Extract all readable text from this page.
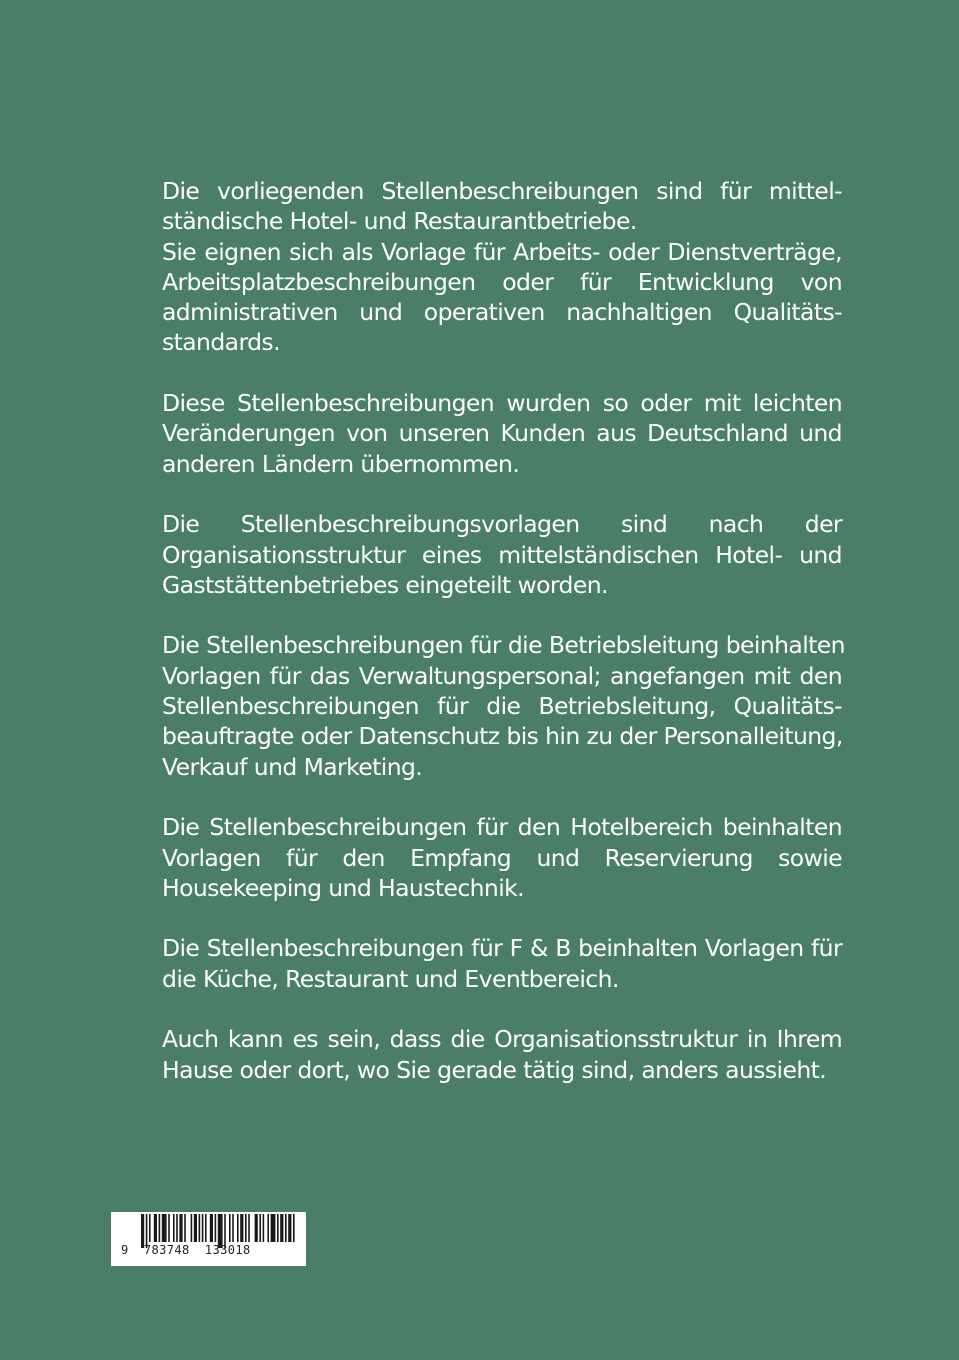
Die vorliegenden Stellenbeschreibungen sind für mittel-
ständische Hotel- und Restaurantbetriebe.
Sie eignen sich als Vorlage für Arbeits- oder Dienstverträge,
Arbeitsplatzbeschreibungen oder für Entwicklung von
administrativen und operativen nachhaltigen Qualitäts-
standards.

Diese Stellenbeschreibungen wurden so oder mit leichten
Veränderungen von unseren Kunden aus Deutschland und
anderen Ländern übernommen.

Die Stellenbeschreibungsvorlagen sind nach der
Organisationsstruktur eines mittelständischen Hotel- und
Gaststättenbetriebes eingeteilt worden.

Die Stellenbeschreibungen für die Betriebsleitung beinhalten
Vorlagen für das Verwaltungspersonal; angefangen mit den
Stellenbeschreibungen für die Betriebsleitung, Qualitäts-
beauftragte oder Datenschutz bis hin zu der Personalleitung,
Verkauf und Marketing.

Die Stellenbeschreibungen für den Hotelbereich beinhalten
Vorlagen für den Empfang und Reservierung sowie
Housekeeping und Haustechnik.

Die Stellenbeschreibungen für F & B beinhalten Vorlagen für
die Küche, Restaurant und Eventbereich.

Auch kann es sein, dass die Organisationsstruktur in Ihrem
Hause oder dort, wo Sie gerade tätig sind, anders aussieht.

9 783748 133018
